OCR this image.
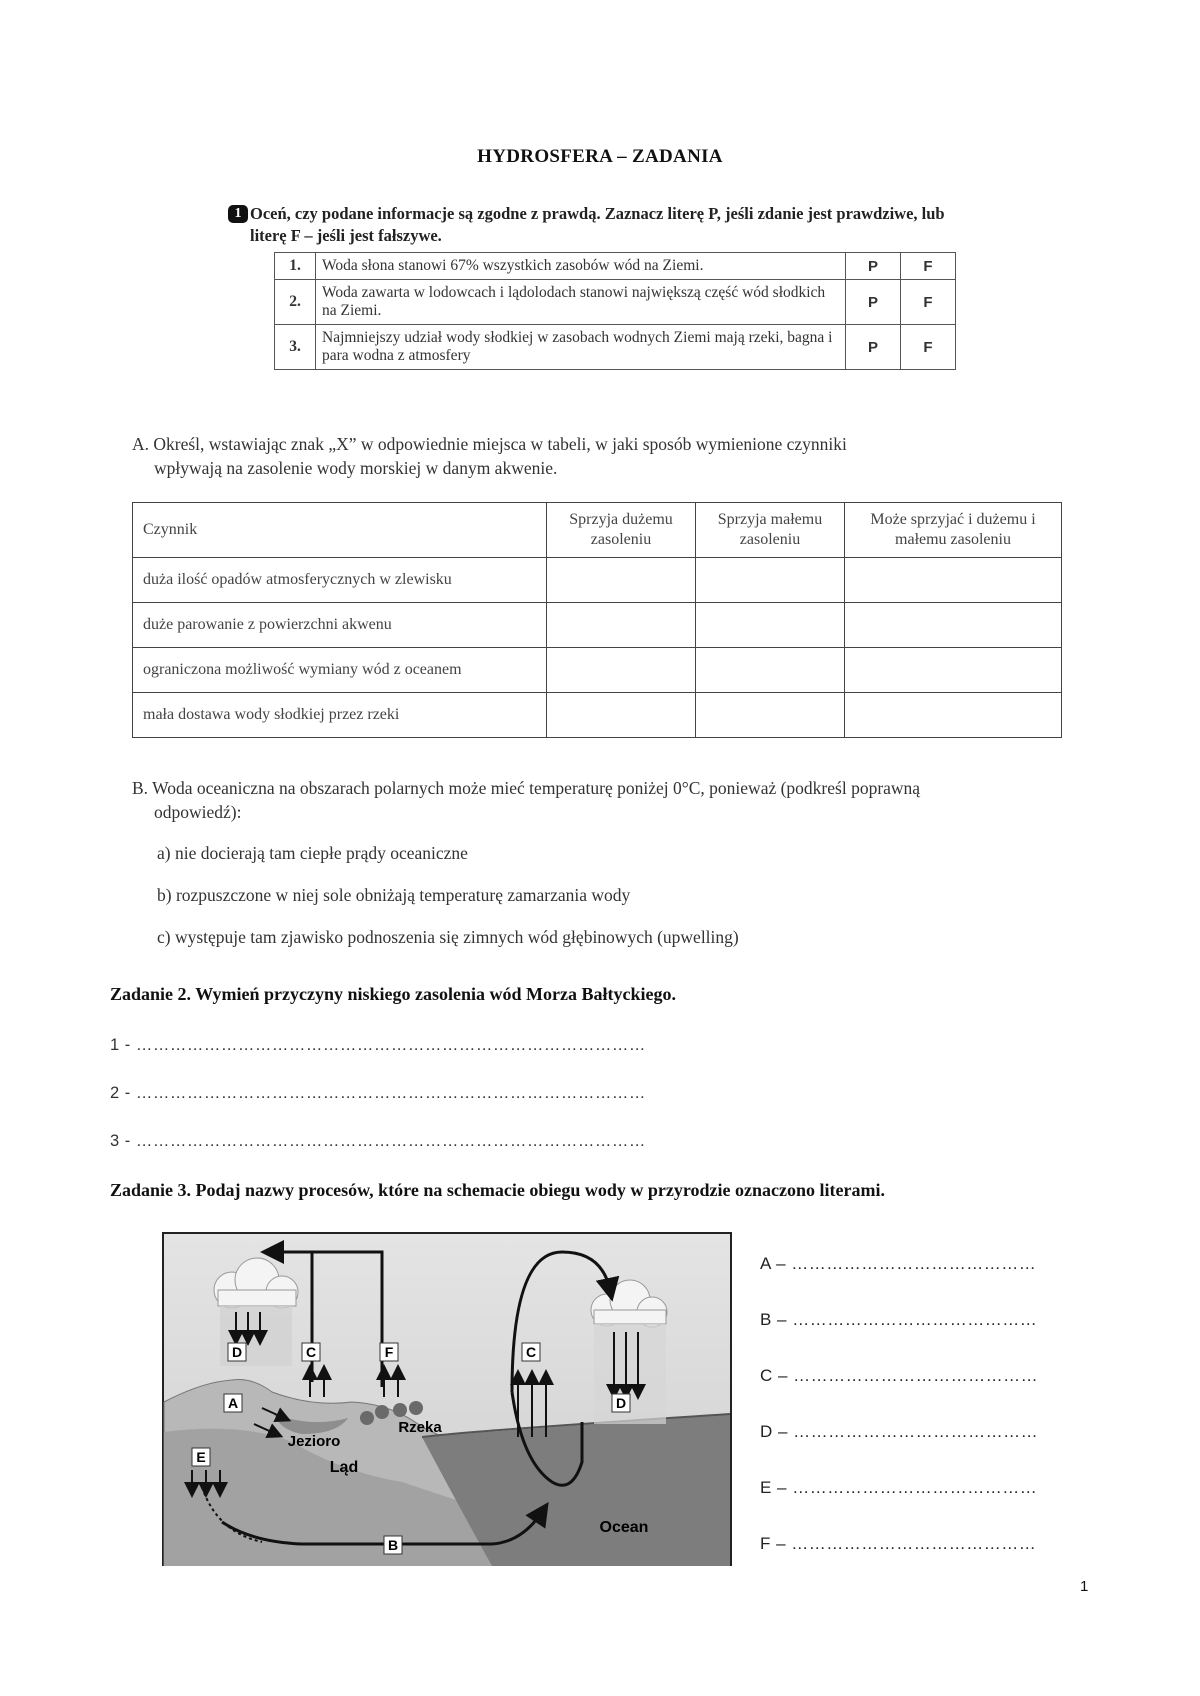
HYDROSFERA – ZADANIA
1 Oceń, czy podane informacje są zgodne z prawdą. Zaznacz literę P, jeśli zdanie jest prawdziwe, lub literę F – jeśli jest fałszywe.
1.	Woda słona stanowi 67% wszystkich zasobów wód na Ziemi.	P	F
2.	Woda zawarta w lodowcach i lądolodach stanowi największą część wód słodkich na Ziemi.	P	F
3.	Najmniejszy udział wody słodkiej w zasobach wodnych Ziemi mają rzeki, bagna i para wodna z atmosfery	P	F
A. Określ, wstawiając znak „X” w odpowiednie miejsca w tabeli, w jaki sposób wymienione czynniki
wpływają na zasolenie wody morskiej w danym akwenie.
Czynnik	Sprzyja dużemu zasoleniu	Sprzyja małemu zasoleniu	Może sprzyjać i dużemu i małemu zasoleniu
duża ilość opadów atmosferycznych w zlewisku			
duże parowanie z powierzchni akwenu			
ograniczona możliwość wymiany wód z oceanem			
mała dostawa wody słodkiej przez rzeki			
B. Woda oceaniczna na obszarach polarnych może mieć temperaturę poniżej 0°C, ponieważ (podkreśl poprawną
odpowiedź):
a) nie docierają tam ciepłe prądy oceaniczne
b) rozpuszczone w niej sole obniżają temperaturę zamarzania wody
c) występuje tam zjawisko podnoszenia się zimnych wód głębinowych (upwelling)
Zadanie 2. Wymień przyczyny niskiego zasolenia wód Morza Bałtyckiego.
1 - ………………………………………………………………………………
2 - ………………………………………………………………………………
3 - ………………………………………………………………………………
Zadanie 3. Podaj nazwy procesów, które na schemacie obiegu wody w przyrodzie oznaczono literami.
D	C	F	C
D
A
E
B
Jezioro
Rzeka
Ląd
Ocean
A – ……………………………………
B – ……………………………………
C – ……………………………………
D – ……………………………………
E – ……………………………………
F – ……………………………………
1
